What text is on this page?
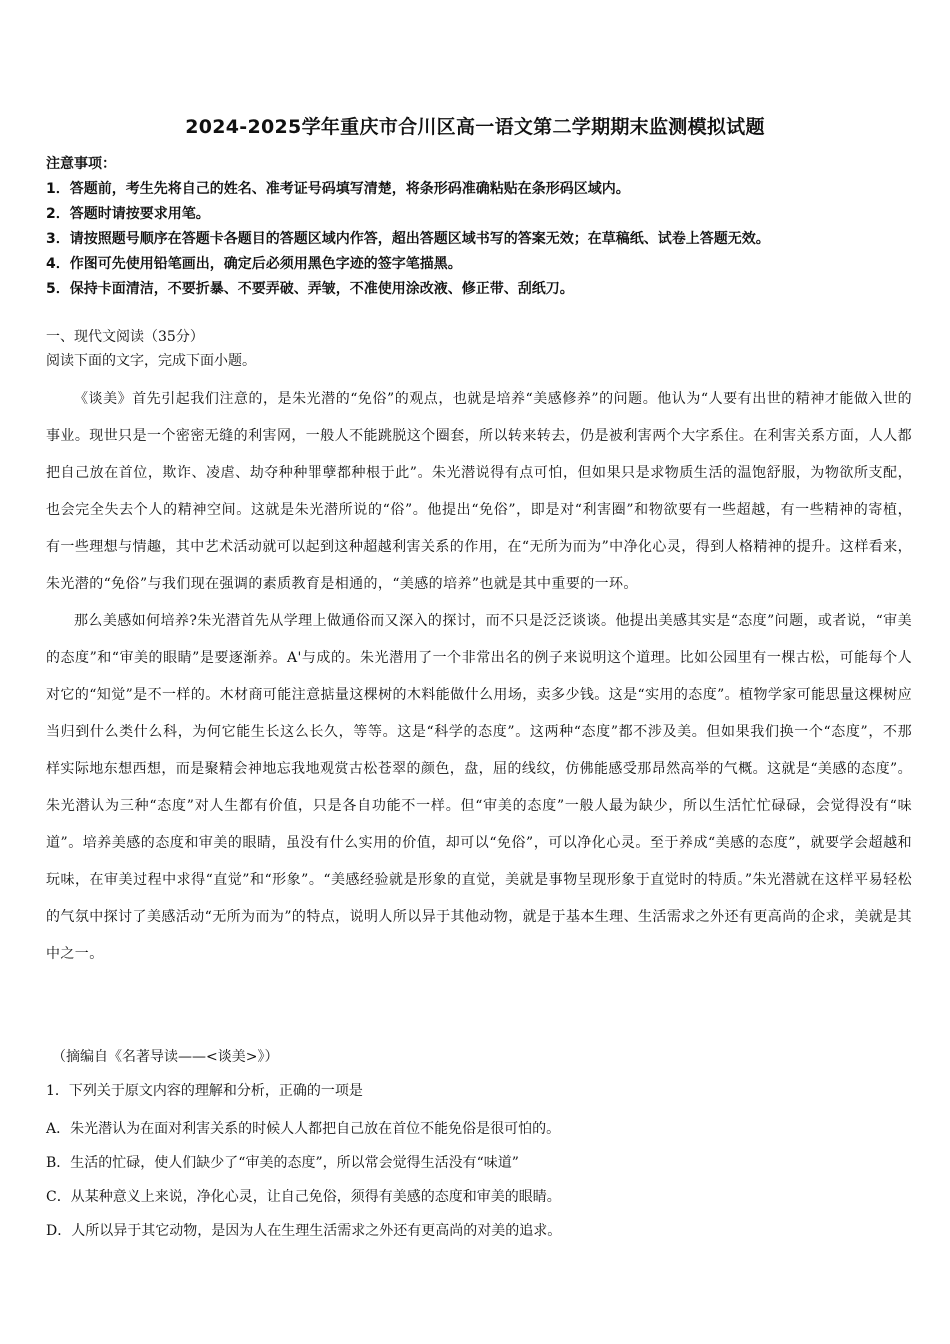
2024-2025学年重庆市合川区高一语文第二学期期末监测模拟试题
注意事项：
1．答题前，考生先将自己的姓名、准考证号码填写清楚，将条形码准确粘贴在条形码区域内。
2．答题时请按要求用笔。
3．请按照题号顺序在答题卡各题目的答题区域内作答，超出答题区域书写的答案无效；在草稿纸、试卷上答题无效。
4．作图可先使用铅笔画出，确定后必须用黑色字迹的签字笔描黑。
5．保持卡面清洁，不要折暴、不要弄破、弄皱，不准使用涂改液、修正带、刮纸刀。
一、现代文阅读（35分）
阅读下面的文字，完成下面小题。

《谈美》首先引起我们注意的，是朱光潜的“免俗”的观点，也就是培养“美感修养”的问题。他认为“人要有出世的精神才能做入世的事业。现世只是一个密密无缝的利害网，一般人不能跳脱这个圈套，所以转来转去，仍是被利害两个大字系住。在利害关系方面，人人都把自己放在首位，欺诈、凌虐、劫夺种种罪孽都种根于此”。朱光潜说得有点可怕，但如果只是求物质生活的温饱舒服，为物欲所支配，也会完全失去个人的精神空间。这就是朱光潜所说的“俗”。他提出“免俗”，即是对“利害圈”和物欲要有一些超越，有一些精神的寄植，有一些理想与情趣，其中艺术活动就可以起到这种超越利害关系的作用，在“无所为而为”中净化心灵，得到人格精神的提升。这样看来，朱光潜的“免俗”与我们现在强调的素质教育是相通的，“美感的培养”也就是其中重要的一环。

那么美感如何培养?朱光潜首先从学理上做通俗而又深入的探讨，而不只是泛泛谈谈。他提出美感其实是“态度”问题，或者说，“审美的态度”和“审美的眼睛”是要逐渐养。A'与成的。朱光潜用了一个非常出名的例子来说明这个道理。比如公园里有一棵古松，可能每个人对它的“知觉”是不一样的。木材商可能注意掂量这棵树的木料能做什么用场，卖多少钱。这是“实用的态度”。植物学家可能思量这棵树应当归到什么类什么科，为何它能生长这么长久，等等。这是“科学的态度”。这两种“态度”都不涉及美。但如果我们换一个“态度”，不那样实际地东想西想，而是聚精会神地忘我地观赏古松苍翠的颜色，盘，屈的线纹，仿佛能感受那昂然高举的气概。这就是“美感的态度”。朱光潜认为三种“态度”对人生都有价值，只是各自功能不一样。但“审美的态度”一般人最为缺少，所以生活忙忙碌碌，会觉得没有“味道”。培养美感的态度和审美的眼睛，虽没有什么实用的价值，却可以“免俗”，可以净化心灵。至于养成“美感的态度”，就要学会超越和玩味，在审美过程中求得“直觉”和“形象”。“美感经验就是形象的直觉，美就是事物呈现形象于直觉时的特质。”朱光潜就在这样平易轻松的气氛中探讨了美感活动“无所为而为”的特点，说明人所以异于其他动物，就是于基本生理、生活需求之外还有更高尚的企求，美就是其中之一。

（摘编自《名著导读——<谈美>》）
1．下列关于原文内容的理解和分析，正确的一项是
A．朱光潜认为在面对利害关系的时候人人都把自己放在首位不能免俗是很可怕的。
B．生活的忙碌，使人们缺少了“审美的态度”，所以常会觉得生活没有“味道”
C．从某种意义上来说，净化心灵，让自己免俗，须得有美感的态度和审美的眼睛。
D．人所以异于其它动物，是因为人在生理生活需求之外还有更高尚的对美的追求。
